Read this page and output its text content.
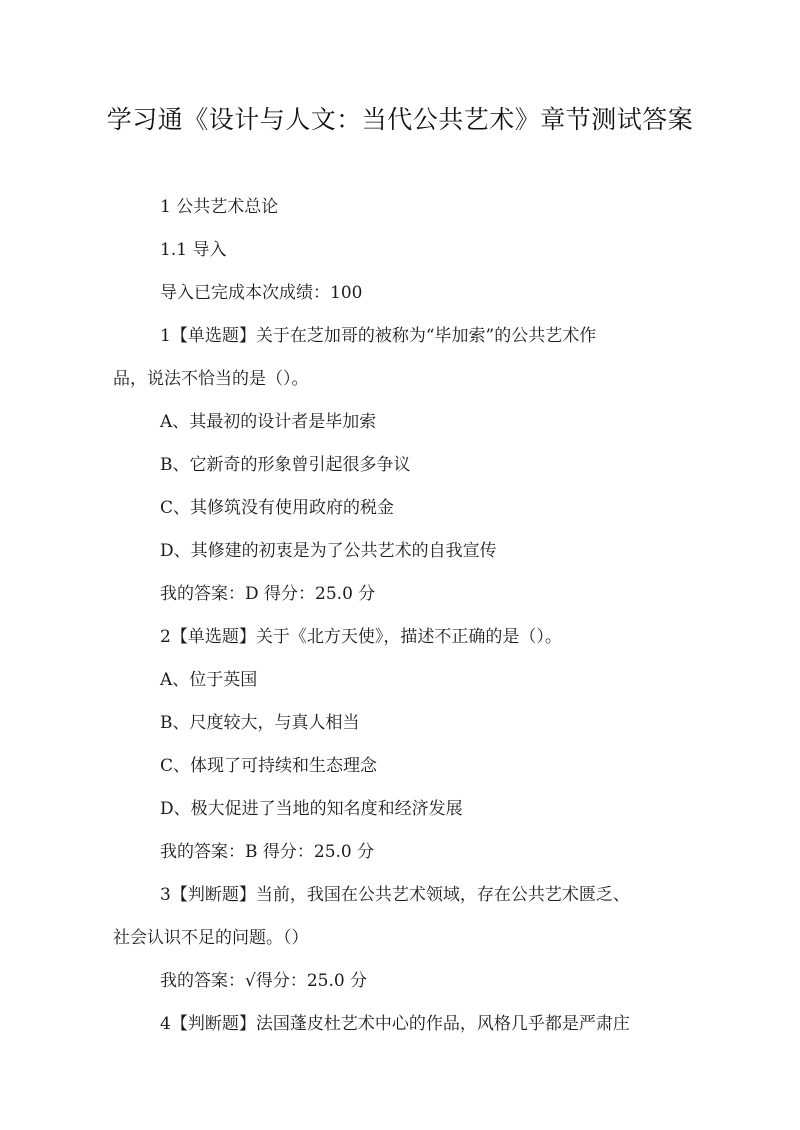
学习通《设计与人文：当代公共艺术》章节测试答案

1 公共艺术总论

1.1 导入

导入已完成本次成绩：100

1【单选题】关于在芝加哥的被称为“毕加索”的公共艺术作

品，说法不恰当的是（）。

A、其最初的设计者是毕加索

B、它新奇的形象曾引起很多争议

C、其修筑没有使用政府的税金

D、其修建的初衷是为了公共艺术的自我宣传

我的答案：D 得分：25.0 分

2【单选题】关于《北方天使》，描述不正确的是（）。

A、位于英国

B、尺度较大，与真人相当

C、体现了可持续和生态理念

D、极大促进了当地的知名度和经济发展

我的答案：B 得分：25.0 分

3【判断题】当前，我国在公共艺术领域，存在公共艺术匮乏、

社会认识不足的问题。（）

我的答案：√得分：25.0 分

4【判断题】法国蓬皮杜艺术中心的作品，风格几乎都是严肃庄
